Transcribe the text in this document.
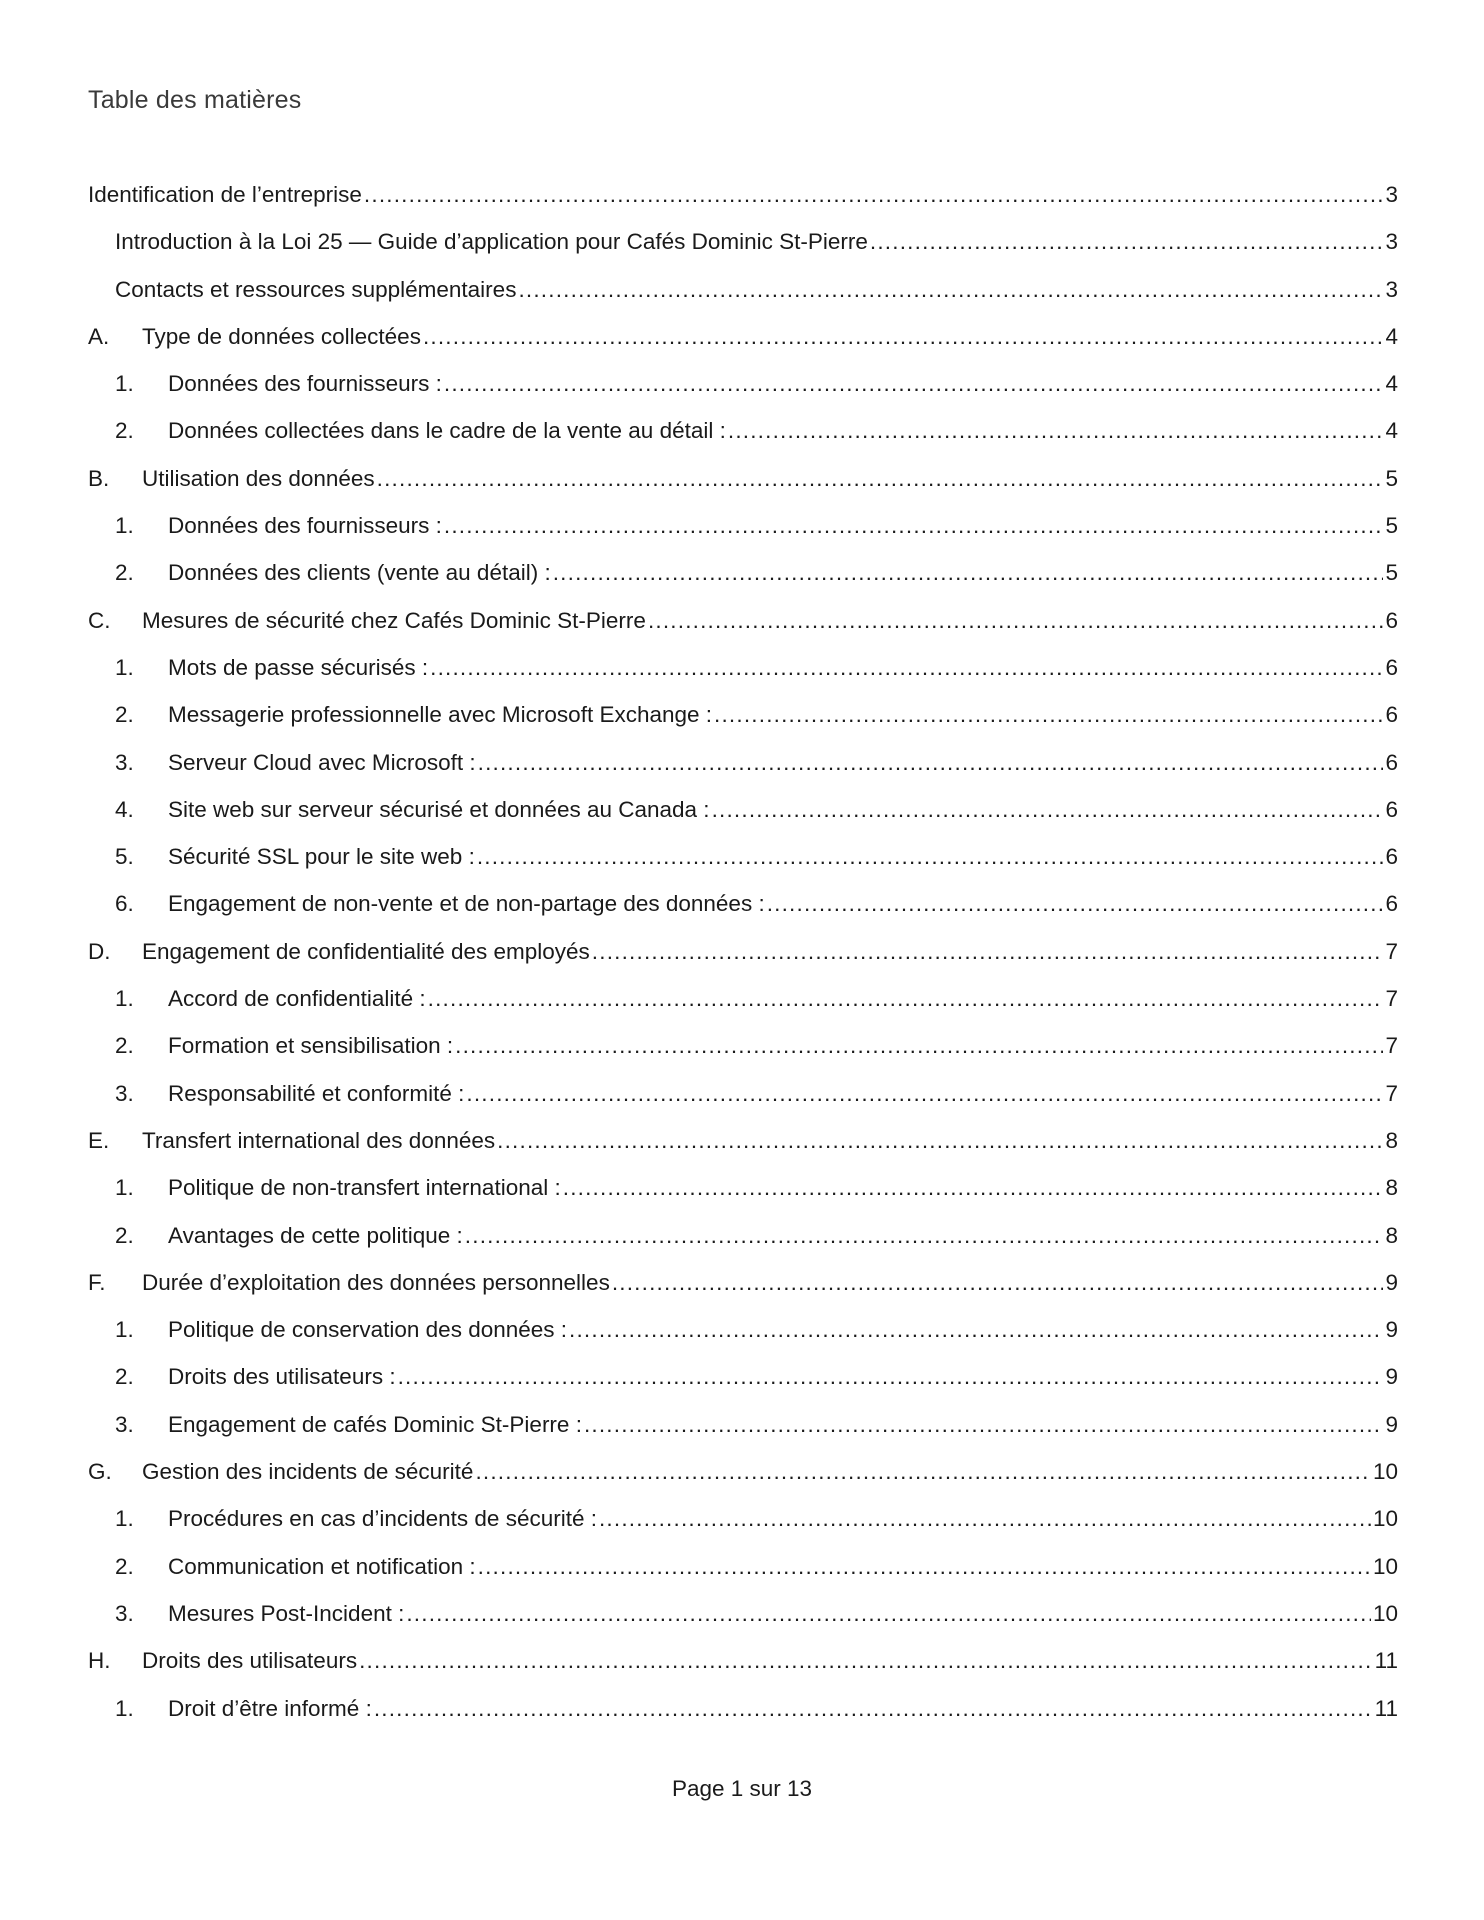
Table des matières
Identification de l’entreprise .....	3
Introduction à la Loi 25 — Guide d’application pour Cafés Dominic St-Pierre .....	3
Contacts et ressources supplémentaires .....	3
A.	Type de données collectées .....	4
1.	Données des fournisseurs : .....	4
2.	Données collectées dans le cadre de la vente au détail : .....	4
B.	Utilisation des données .....	5
1.	Données des fournisseurs : .....	5
2.	Données des clients (vente au détail) : .....	5
C.	Mesures de sécurité chez Cafés Dominic St-Pierre .....	6
1.	Mots de passe sécurisés : .....	6
2.	Messagerie professionnelle avec Microsoft Exchange : .....	6
3.	Serveur Cloud avec Microsoft : .....	6
4.	Site web sur serveur sécurisé et données au Canada : .....	6
5.	Sécurité SSL pour le site web : .....	6
6.	Engagement de non-vente et de non-partage des données : .....	6
D.	Engagement de confidentialité des employés .....	7
1.	Accord de confidentialité : .....	7
2.	Formation et sensibilisation : .....	7
3.	Responsabilité et conformité : .....	7
E.	Transfert international des données .....	8
1.	Politique de non-transfert international : .....	8
2.	Avantages de cette politique : .....	8
F.	Durée d’exploitation des données personnelles .....	9
1.	Politique de conservation des données : .....	9
2.	Droits des utilisateurs : .....	9
3.	Engagement de cafés Dominic St-Pierre : .....	9
G.	Gestion des incidents de sécurité .....	10
1.	Procédures en cas d’incidents de sécurité : .....	10
2.	Communication et notification : .....	10
3.	Mesures Post-Incident : .....	10
H.	Droits des utilisateurs .....	11
1.	Droit d’être informé : .....	11

Page 1 sur 13
